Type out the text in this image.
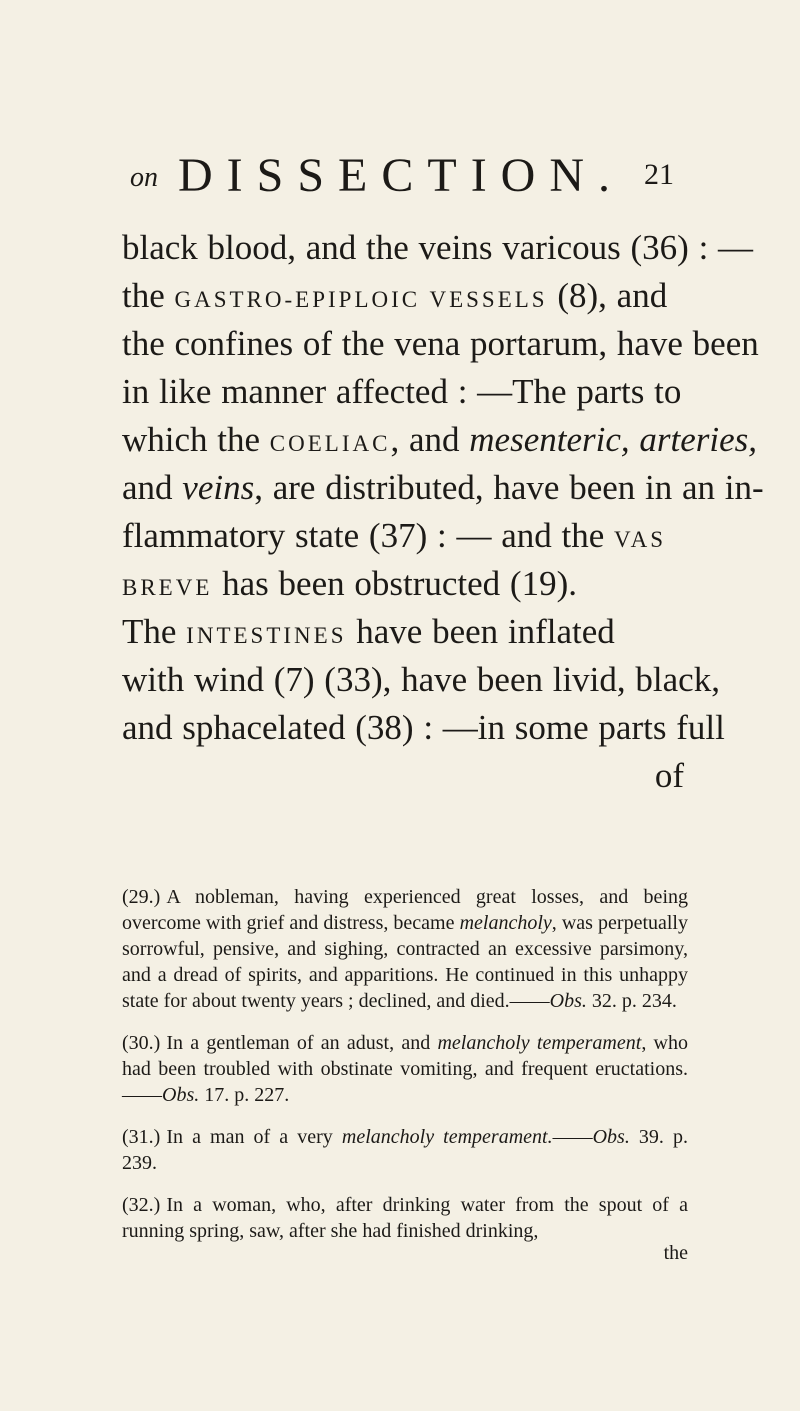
on DISSECTION. 21
black blood, and the veins varicous (36) : —
the GASTRO-EPIPLOIC VESSELS (8), and
the confines of the vena portarum, have been
in like manner affected : —The parts to
which the COELIAC, and mesenteric, arteries,
and veins, are distributed, have been in an in-
flammatory state (37) : — and the VAS
BREVE has been obstructed (19).
The INTESTINES have been inflated
with wind (7) (33), have been livid, black,
and sphacelated (38) : —in some parts full
of
(29.) A nobleman, having experienced great losses, and being overcome with grief and distress, became melancholy, was perpetually sorrowful, pensive, and sighing, contracted an excessive parsimony, and a dread of spirits, and apparitions. He continued in this unhappy state for about twenty years ; declined, and died.——Obs. 32. p. 234.
(30.) In a gentleman of an adust, and melancholy temperament, who had been troubled with obstinate vomiting, and frequent eructations.——Obs. 17. p. 227.
(31.) In a man of a very melancholy temperament.——Obs. 39. p. 239.
(32.) In a woman, who, after drinking water from the spout of a running spring, saw, after she had finished drinking,
the
